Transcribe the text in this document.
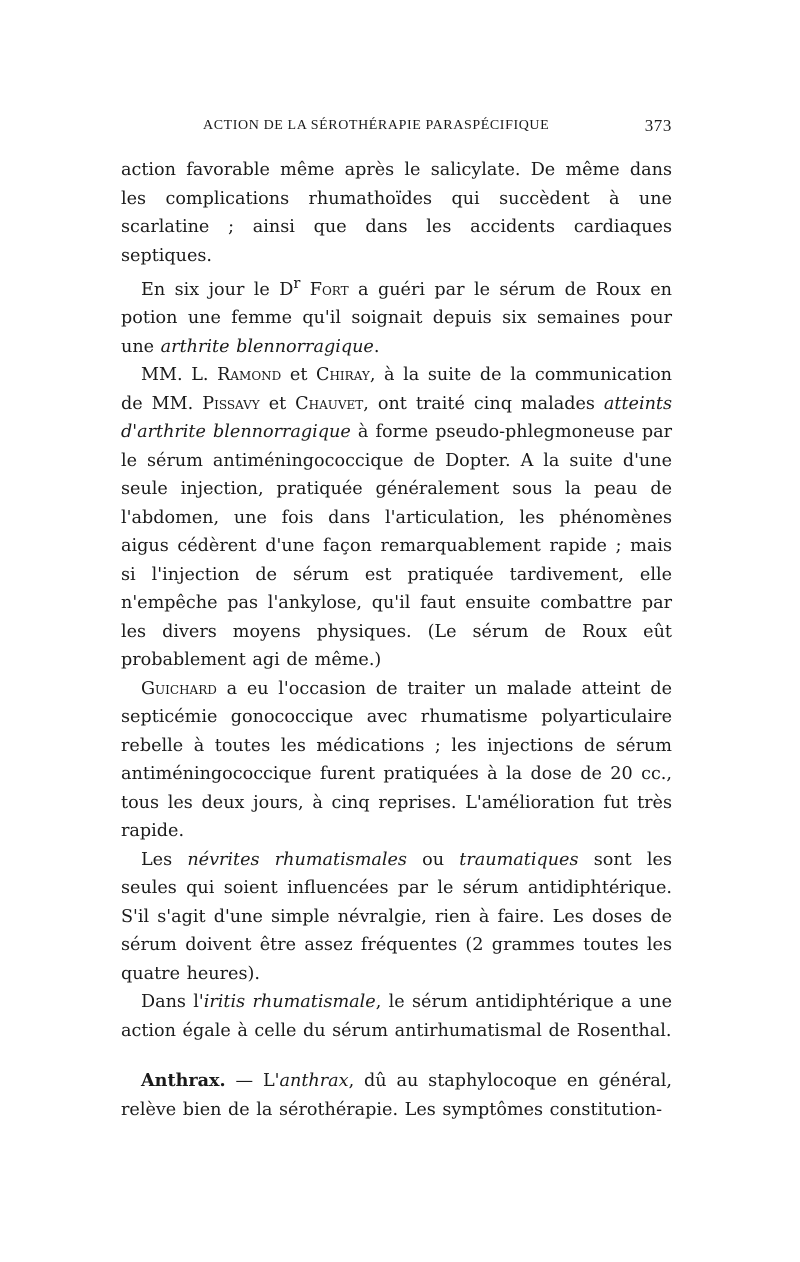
ACTION DE LA SÉROTHÉRAPIE PARASPÉCIFIQUE	373

action favorable même après le salicylate. De même dans les complications rhumathoïdes qui succèdent à une scarlatine ; ainsi que dans les accidents cardiaques septiques.

En six jour le $D^r$ Fort a guéri par le sérum de Roux en potion une femme qu'il soignait depuis six semaines pour une arthrite blennorragique.

MM. L. Ramond et Chiray, à la suite de la communication de MM. Pissavy et Chauvet, ont traité cinq malades atteints d'arthrite blennorragique à forme pseudo-phlegmoneuse par le sérum antiméningococcique de Dopter. A la suite d'une seule injection, pratiquée généralement sous la peau de l'abdomen, une fois dans l'articulation, les phénomènes aigus cédèrent d'une façon remarquablement rapide ; mais si l'injection de sérum est pratiquée tardivement, elle n'empêche pas l'ankylose, qu'il faut ensuite combattre par les divers moyens physiques. (Le sérum de Roux eût probablement agi de même.)

Guichard a eu l'occasion de traiter un malade atteint de septicémie gonococcique avec rhumatisme polyarticulaire rebelle à toutes les médications ; les injections de sérum antiméningococcique furent pratiquées à la dose de 20 cc., tous les deux jours, à cinq reprises. L'amélioration fut très rapide.

Les névrites rhumatismales ou traumatiques sont les seules qui soient influencées par le sérum antidiphtérique. S'il s'agit d'une simple névralgie, rien à faire. Les doses de sérum doivent être assez fréquentes (2 grammes toutes les quatre heures).

Dans l'iritis rhumatismale, le sérum antidiphtérique a une action égale à celle du sérum antirhumatismal de Rosenthal.

Anthrax. — L'anthrax, dû au staphylocoque en général, relève bien de la sérothérapie. Les symptômes constitution-
